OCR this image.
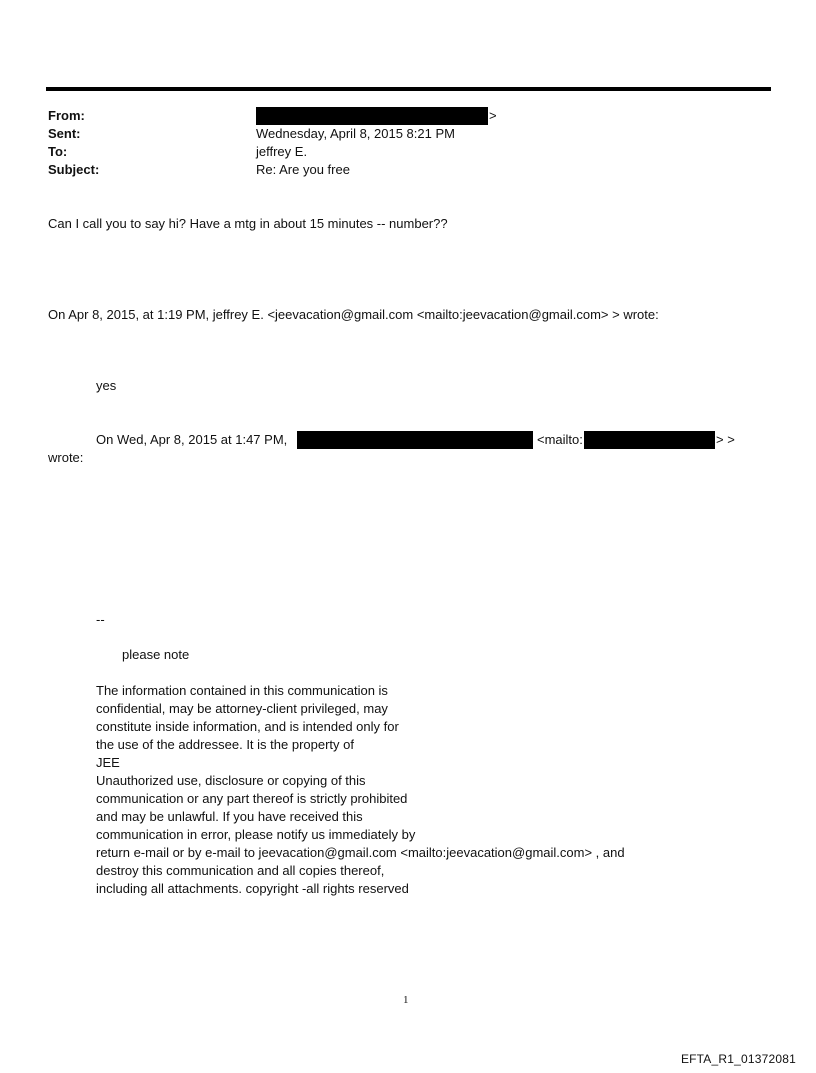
From:	>
Sent:	Wednesday, April 8, 2015 8:21 PM
To:	jeffrey E.
Subject:	Re: Are you free
Can I call you to say hi? Have a mtg in about 15 minutes -- number??
On Apr 8, 2015, at 1:19 PM, jeffrey E. <jeevacation@gmail.com <mailto:jeevacation@gmail.com> > wrote:
yes
On Wed, Apr 8, 2015 at 1:47 PM,	<mailto:	> >
wrote:
--
please note
The information contained in this communication is
confidential, may be attorney-client privileged, may
constitute inside information, and is intended only for
the use of the addressee. It is the property of
JEE
Unauthorized use, disclosure or copying of this
communication or any part thereof is strictly prohibited
and may be unlawful. If you have received this
communication in error, please notify us immediately by
return e-mail or by e-mail to jeevacation@gmail.com <mailto:jeevacation@gmail.com> , and
destroy this communication and all copies thereof,
including all attachments. copyright -all rights reserved
1
EFTA_R1_01372081
